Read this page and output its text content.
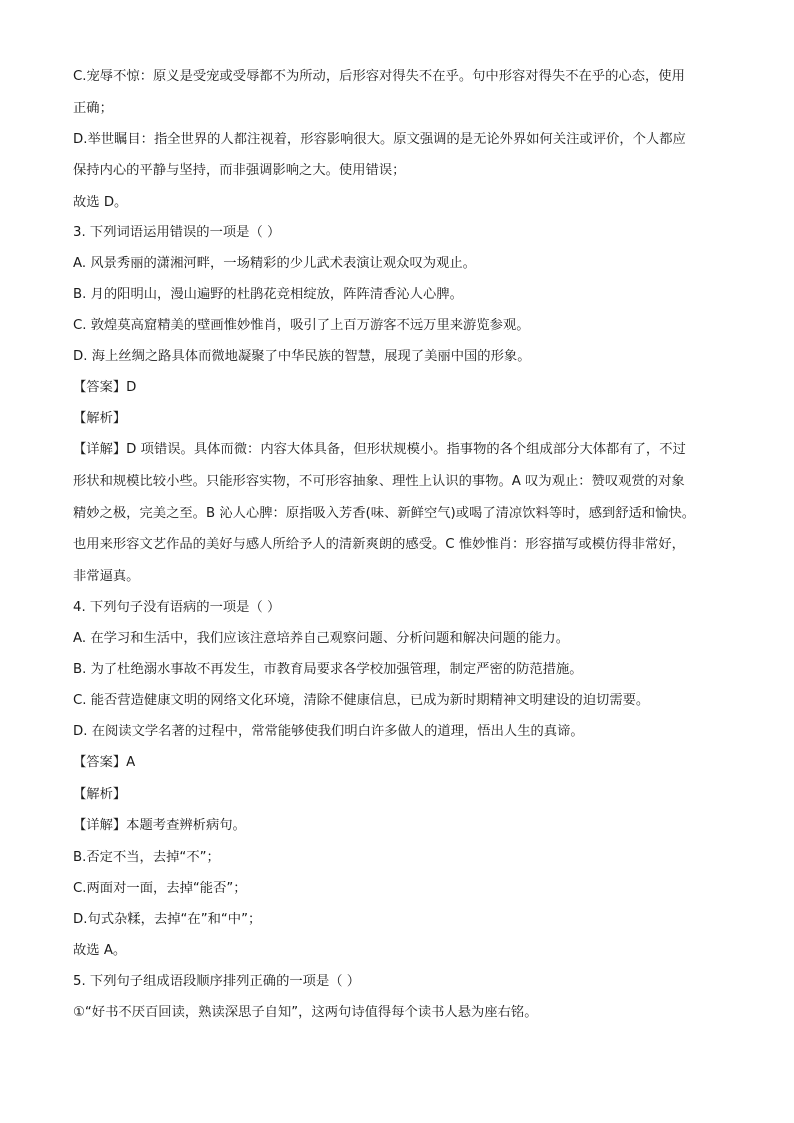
C.宠辱不惊：原义是受宠或受辱都不为所动，后形容对得失不在乎。句中形容对得失不在乎的心态，使用
正确；
D.举世瞩目：指全世界的人都注视着，形容影响很大。原文强调的是无论外界如何关注或评价，个人都应
保持内心的平静与坚持，而非强调影响之大。使用错误；
故选 D。
3. 下列词语运用错误的一项是（ ）
A. 风景秀丽的潇湘河畔，一场精彩的少儿武术表演让观众叹为观止。
B. 月的阳明山，漫山遍野的杜鹃花竞相绽放，阵阵清香沁人心脾。
C. 敦煌莫高窟精美的壁画惟妙惟肖，吸引了上百万游客不远万里来游览参观。
D. 海上丝绸之路具体而微地凝聚了中华民族的智慧，展现了美丽中国的形象。
【答案】D
【解析】
【详解】D 项错误。具体而微：内容大体具备，但形状规模小。指事物的各个组成部分大体都有了，不过
形状和规模比较小些。只能形容实物，不可形容抽象、理性上认识的事物。A 叹为观止：赞叹观赏的对象
精妙之极，完美之至。B 沁人心脾：原指吸入芳香(味、新鲜空气)或喝了清凉饮料等时，感到舒适和愉快。
也用来形容文艺作品的美好与感人所给予人的清新爽朗的感受。C 惟妙惟肖：形容描写或模仿得非常好，
非常逼真。
4. 下列句子没有语病的一项是（ ）
A. 在学习和生活中，我们应该注意培养自己观察问题、分析问题和解决问题的能力。
B. 为了杜绝溺水事故不再发生，市教育局要求各学校加强管理，制定严密的防范措施。
C. 能否营造健康文明的网络文化环境，清除不健康信息，已成为新时期精神文明建设的迫切需要。
D. 在阅读文学名著的过程中，常常能够使我们明白许多做人的道理，悟出人生的真谛。
【答案】A
【解析】
【详解】本题考查辨析病句。
B.否定不当，去掉“不”；
C.两面对一面，去掉“能否”；
D.句式杂糅，去掉“在”和“中”；
故选 A。
5. 下列句子组成语段顺序排列正确的一项是（ ）
①“好书不厌百回读，熟读深思子自知”，这两句诗值得每个读书人悬为座右铭。
